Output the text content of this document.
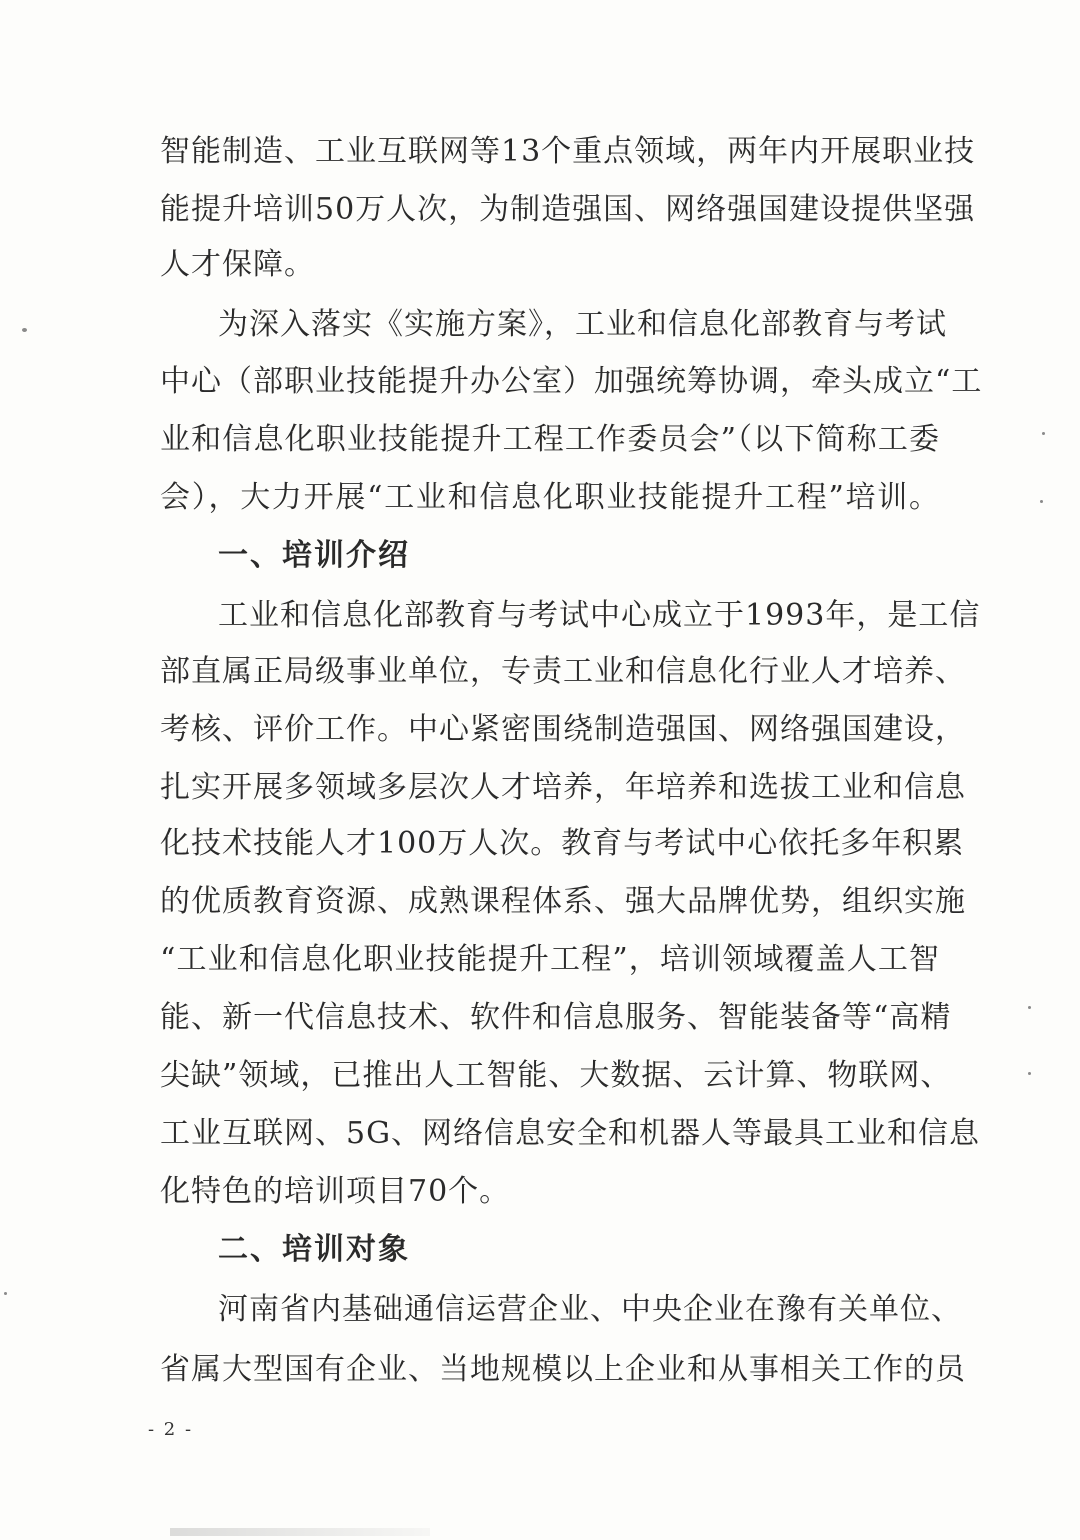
智能制造、工业互联网等13个重点领域，两年内开展职业技
能提升培训50万人次，为制造强国、网络强国建设提供坚强
人才保障。
为深入落实《实施方案》，工业和信息化部教育与考试
中心（部职业技能提升办公室）加强统筹协调，牵头成立“工
业和信息化职业技能提升工程工作委员会”（以下简称工委
会），大力开展“工业和信息化职业技能提升工程”培训。
一、培训介绍
工业和信息化部教育与考试中心成立于1993年，是工信
部直属正局级事业单位，专责工业和信息化行业人才培养、
考核、评价工作。中心紧密围绕制造强国、网络强国建设，
扎实开展多领域多层次人才培养，年培养和选拔工业和信息
化技术技能人才100万人次。教育与考试中心依托多年积累
的优质教育资源、成熟课程体系、强大品牌优势，组织实施
“工业和信息化职业技能提升工程”，培训领域覆盖人工智
能、新一代信息技术、软件和信息服务、智能装备等“高精
尖缺”领域，已推出人工智能、大数据、云计算、物联网、
工业互联网、5G、网络信息安全和机器人等最具工业和信息
化特色的培训项目70个。
二、培训对象
河南省内基础通信运营企业、中央企业在豫有关单位、
省属大型国有企业、当地规模以上企业和从事相关工作的员
- 2 -
